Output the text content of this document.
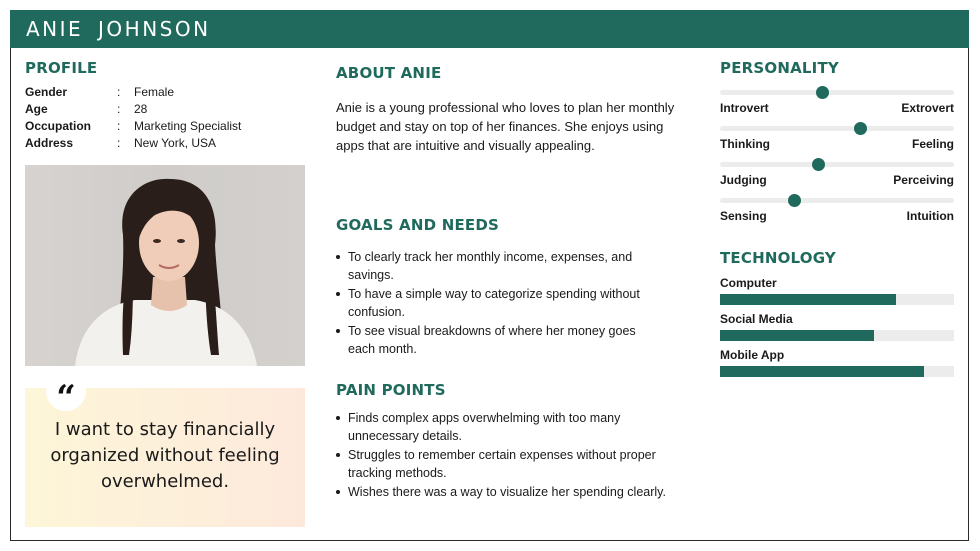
ANIE JOHNSON
PROFILE
Gender	:	Female
Age	:	28
Occupation	:	Marketing Specialist
Address	:	New York, USA
“
I want to stay financially organized without feeling overwhelmed.
ABOUT ANIE
Anie is a young professional who loves to plan her monthly budget and stay on top of her finances. She enjoys using apps that are intuitive and visually appealing.
GOALS AND NEEDS
To clearly track her monthly income, expenses, and savings.
To have a simple way to categorize spending without confusion.
To see visual breakdowns of where her money goes each month.
PAIN POINTS
Finds complex apps overwhelming with too many unnecessary details.
Struggles to remember certain expenses without proper tracking methods.
Wishes there was a way to visualize her spending clearly.
PERSONALITY
Introvert	Extrovert
Thinking	Feeling
Judging	Perceiving
Sensing	Intuition
TECHNOLOGY
Computer
Social Media
Mobile App
